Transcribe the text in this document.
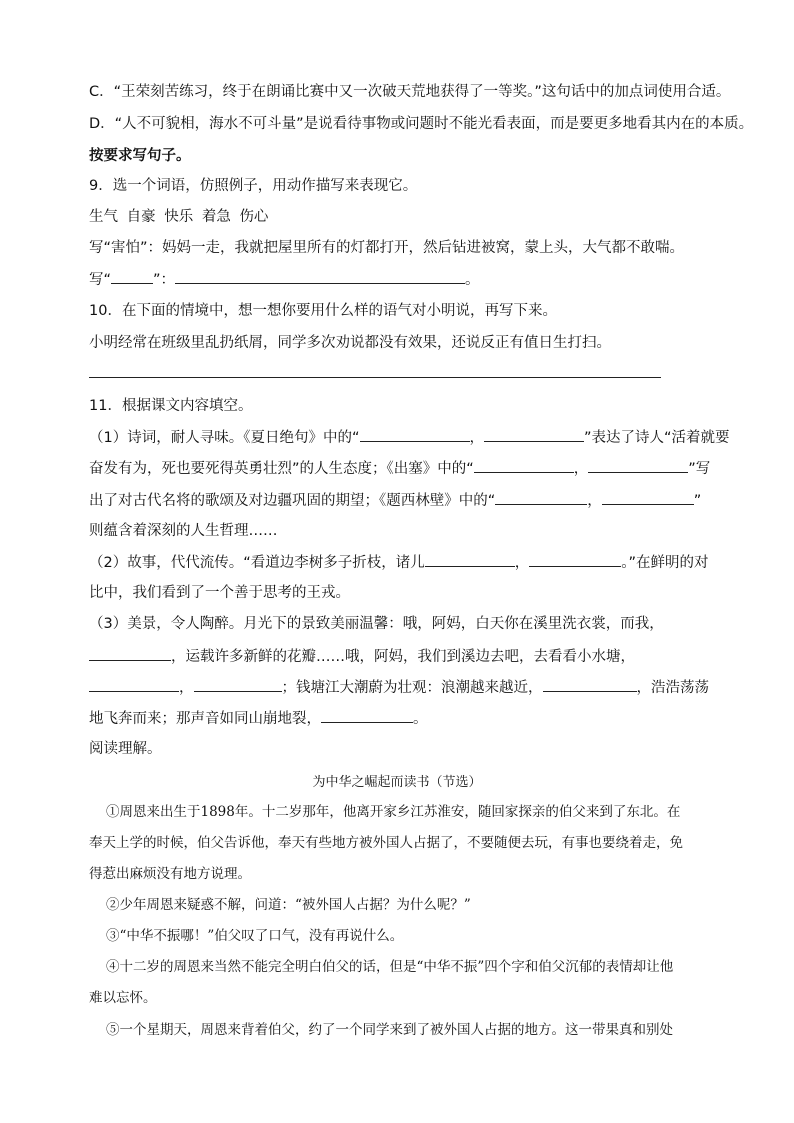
C．“王荣刻苦练习，终于在朗诵比赛中又一次破天荒地获得了一等奖。”这句话中的加点词使用合适。
D．“人不可貌相，海水不可斗量”是说看待事物或问题时不能光看表面，而是要更多地看其内在的本质。
按要求写句子。
9．选一个词语，仿照例子，用动作描写来表现它。
生气 自豪 快乐 着急 伤心
写“害怕”：妈妈一走，我就把屋里所有的灯都打开，然后钻进被窝，蒙上头，大气都不敢喘。
写“	”：	。
10．在下面的情境中，想一想你要用什么样的语气对小明说，再写下来。
小明经常在班级里乱扔纸屑，同学多次劝说都没有效果，还说反正有值日生打扫。
11．根据课文内容填空。
（1）诗词，耐人寻味。《夏日绝句》中的“	，	”表达了诗人“活着就要
奋发有为，死也要死得英勇壮烈”的人生态度；《出塞》中的“	，	”写
出了对古代名将的歌颂及对边疆巩固的期望；《题西林壁》中的“	，	”
则蕴含着深刻的人生哲理……
（2）故事，代代流传。“看道边李树多子折枝，诸儿	，	。”在鲜明的对
比中，我们看到了一个善于思考的王戎。
（3）美景，令人陶醉。月光下的景致美丽温馨：哦，阿妈，白天你在溪里洗衣裳，而我，
，运载许多新鲜的花瓣……哦，阿妈，我们到溪边去吧，去看看小水塘，
，	；钱塘江大潮蔚为壮观：浪潮越来越近，	，浩浩荡荡
地飞奔而来；那声音如同山崩地裂，	。
阅读理解。
为中华之崛起而读书（节选）
①周恩来出生于1898年。十二岁那年，他离开家乡江苏淮安，随回家探亲的伯父来到了东北。在
奉天上学的时候，伯父告诉他，奉天有些地方被外国人占据了，不要随便去玩，有事也要绕着走，免
得惹出麻烦没有地方说理。
②少年周恩来疑惑不解，问道：“被外国人占据？为什么呢？”
③“中华不振哪！”伯父叹了口气，没有再说什么。
④十二岁的周恩来当然不能完全明白伯父的话，但是“中华不振”四个字和伯父沉郁的表情却让他
难以忘怀。
⑤一个星期天，周恩来背着伯父，约了一个同学来到了被外国人占据的地方。这一带果真和别处
